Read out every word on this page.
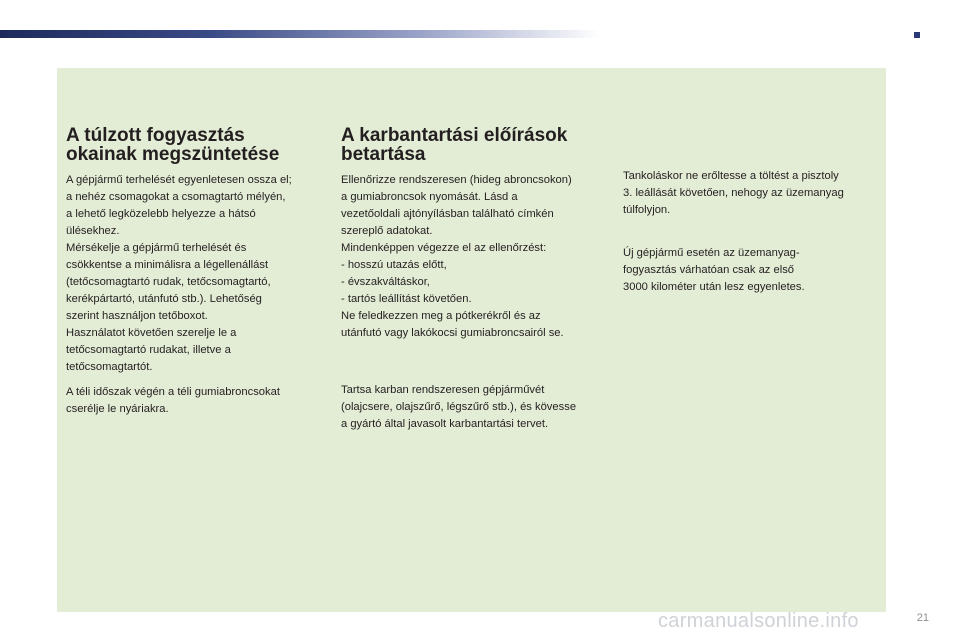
A túlzott fogyasztás
okainak megszüntetése

A gépjármű terhelését egyenletesen ossza el;
a nehéz csomagokat a csomagtartó mélyén,
a lehető legközelebb helyezze a hátsó
ülésekhez.
Mérsékelje a gépjármű terhelését és
csökkentse a minimálisra a légellenállást
(tetőcsomagtartó rudak, tetőcsomagtartó,
kerékpártartó, utánfutó stb.). Lehetőség
szerint használjon tetőboxot.
Használatot követően szerelje le a
tetőcsomagtartó rudakat, illetve a
tetőcsomagtartót.

A téli időszak végén a téli gumiabroncsokat
cserélje le nyáriakra.

A karbantartási előírások
betartása

Ellenőrizze rendszeresen (hideg abroncsokon)
a gumiabroncsok nyomását. Lásd a
vezetőoldali ajtónyílásban található címkén
szereplő adatokat.
Mindenképpen végezze el az ellenőrzést:
- hosszú utazás előtt,
- évszakváltáskor,
- tartós leállítást követően.
Ne feledkezzen meg a pótkerékről és az
utánfutó vagy lakókocsi gumiabroncsairól se.

Tartsa karban rendszeresen gépjárművét
(olajcsere, olajszűrő, légszűrő stb.), és kövesse
a gyártó által javasolt karbantartási tervet.

Tankoláskor ne erőltesse a töltést a pisztoly
3. leállását követően, nehogy az üzemanyag
túlfolyjon.

Új gépjármű esetén az üzemanyag-
fogyasztás várhatóan csak az első
3000 kilométer után lesz egyenletes.

carmanualsonline.info	21
